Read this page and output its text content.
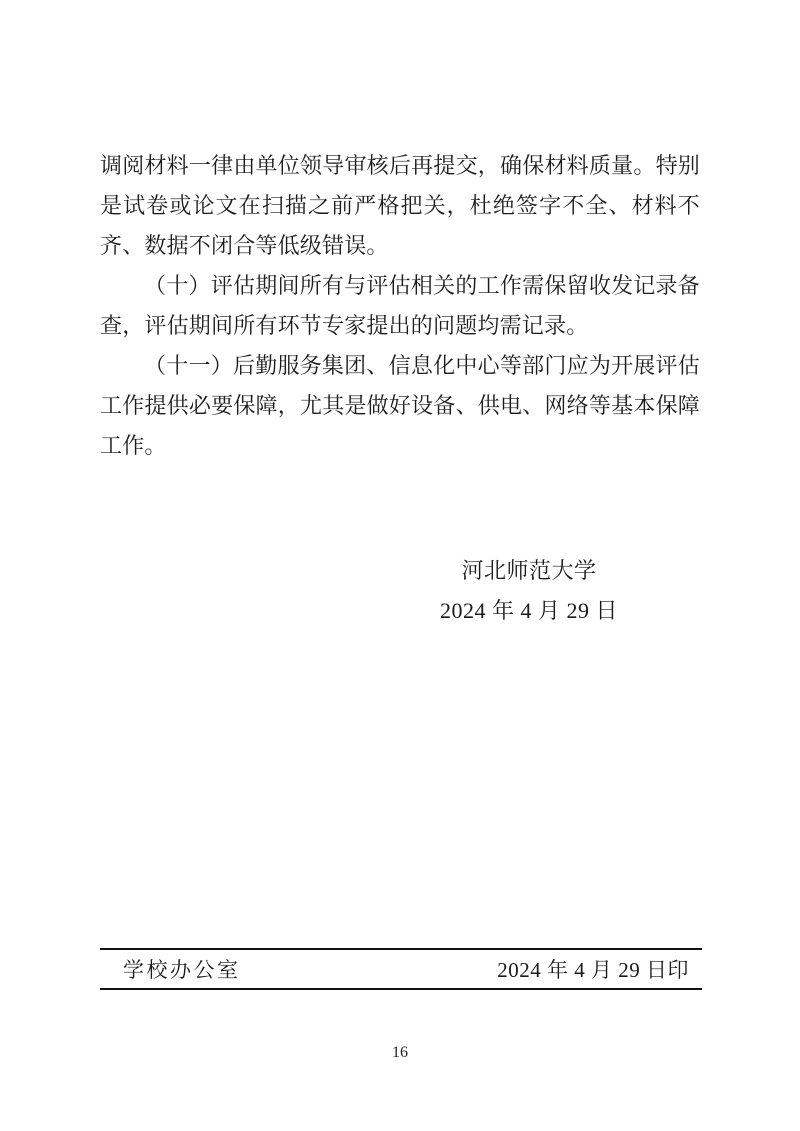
调阅材料一律由单位领导审核后再提交，确保材料质量。特别是试卷或论文在扫描之前严格把关，杜绝签字不全、材料不齐、数据不闭合等低级错误。

（十）评估期间所有与评估相关的工作需保留收发记录备查，评估期间所有环节专家提出的问题均需记录。

（十一）后勤服务集团、信息化中心等部门应为开展评估工作提供必要保障，尤其是做好设备、供电、网络等基本保障工作。

河北师范大学

2024 年 4 月 29 日

学校办公室	2024 年 4 月 29 日印
16
